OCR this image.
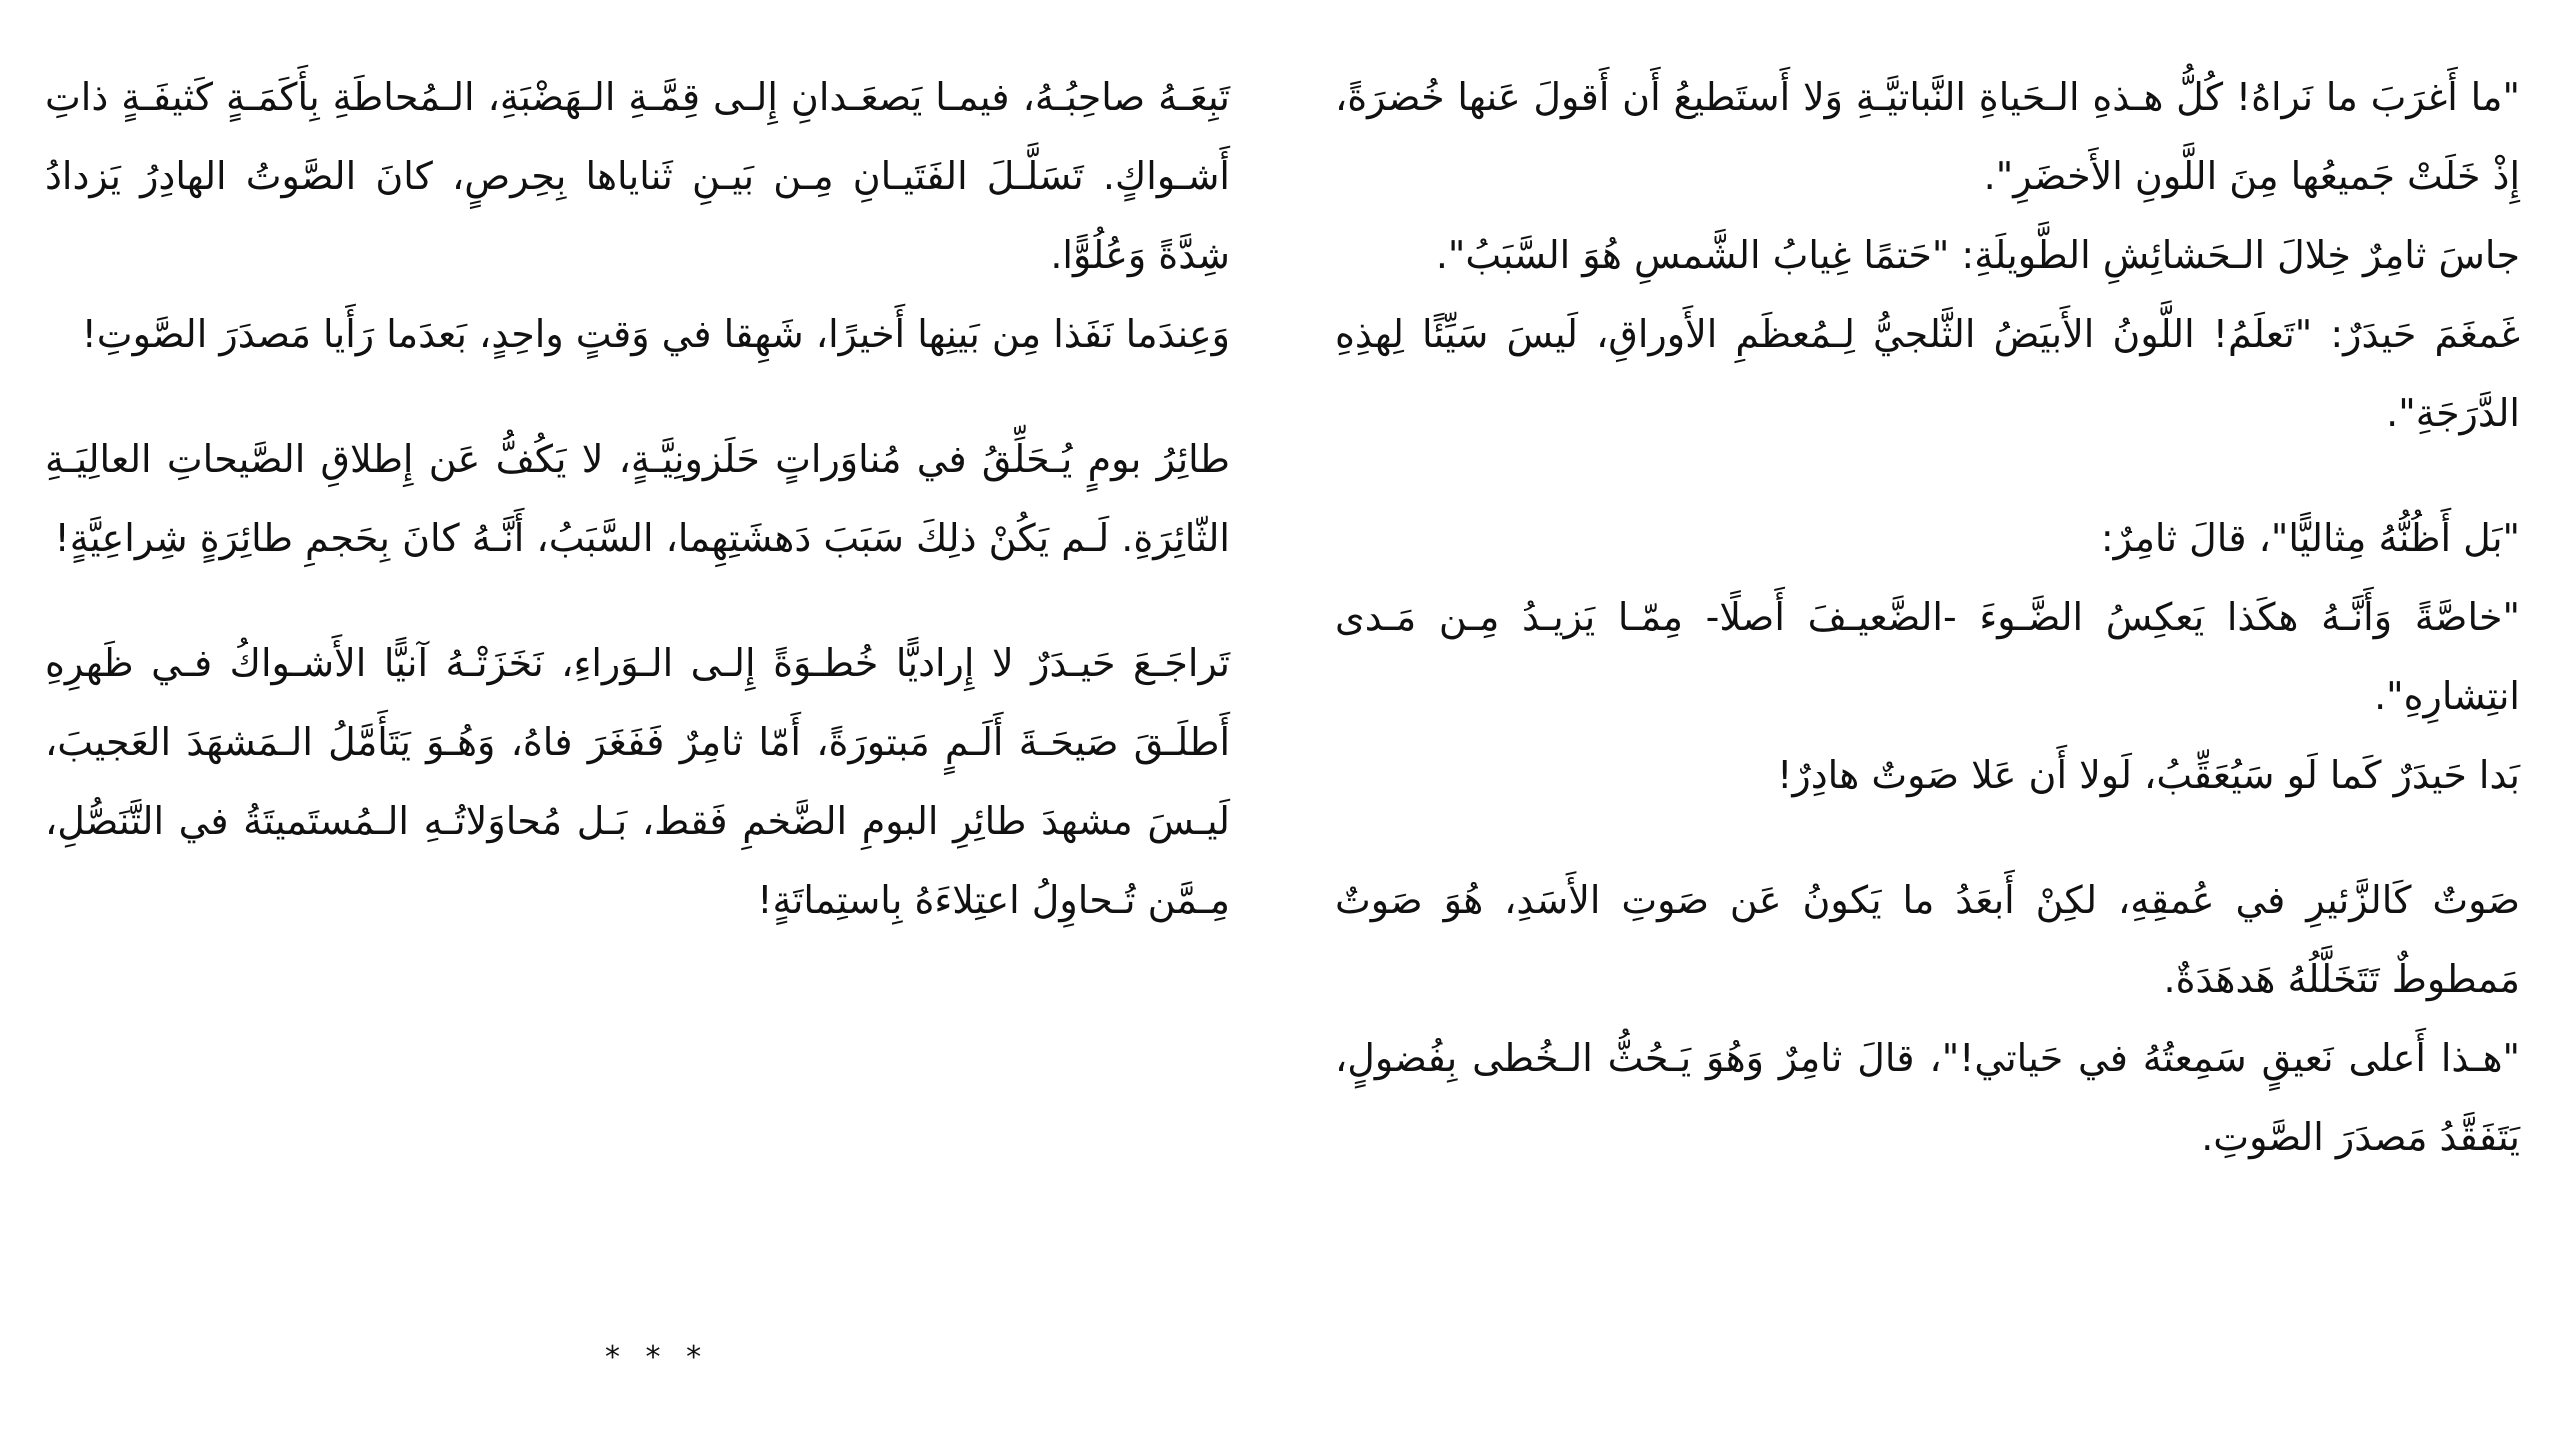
"ما أَغرَبَ ما نَراهُ! كُلُّ هـذهِ الـحَياةِ النَّباتيَّـةِ وَلا أَستَطيعُ أَن أَقولَ عَنها خُضرَةً، إِذْ خَلَتْ جَميعُها مِنَ اللَّونِ الأَخضَرِ".

جاسَ ثامِرٌ خِلالَ الـحَشائِشِ الطَّويلَةِ: "حَتمًا غِيابُ الشَّمسِ هُوَ السَّبَبُ".

غَمغَمَ حَيدَرٌ: "تَعلَمُ! اللَّونُ الأَبيَضُ الثَّلجيُّ لِـمُعظَمِ الأَوراقِ، لَيسَ سَيِّئًا لِهذِهِ الدَّرَجَةِ".

"بَل أَظُنُّهُ مِثاليًّا"، قالَ ثامِرٌ:

"خاصَّةً وَأَنَّـهُ هكَذا يَعكِسُ الضَّـوءَ -الضَّعيـفَ أَصلًا- مِمّـا يَزيـدُ مِـن مَـدى انتِشارِهِ".

بَدا حَيدَرٌ كَما لَو سَيُعَقِّبُ، لَولا أَن عَلا صَوتٌ هادِرٌ!

صَوتٌ كَالزَّئيرِ في عُمقِهِ، لكِنْ أَبعَدُ ما يَكونُ عَن صَوتِ الأَسَدِ، هُوَ صَوتٌ مَمطوطٌ تَتَخَلَّلُهُ هَدهَدَةٌ.

"هـذا أَعلى نَعيقٍ سَمِعتُهُ في حَياتي!"، قالَ ثامِرٌ وَهُوَ يَـحُثُّ الـخُطى بِفُضولٍ، يَتَفَقَّدُ مَصدَرَ الصَّوتِ.

تَبِعَـهُ صاحِبُـهُ، فيمـا يَصعَـدانِ إِلـى قِمَّـةِ الـهَضْبَةِ، الـمُحاطَةِ بِأَكَمَـةٍ كَثيفَـةٍ ذاتِ أَشـواكٍ. تَسَلَّـلَ الفَتَيـانِ مِـن بَيـنِ ثَناياها بِحِرصٍ، كانَ الصَّوتُ الهادِرُ يَزدادُ شِدَّةً وَعُلُوًّا.

وَعِندَما نَفَذا مِن بَينِها أَخيرًا، شَهِقا في وَقتٍ واحِدٍ، بَعدَما رَأَيا مَصدَرَ الصَّوتِ!

طائِرُ بومٍ يُـحَلِّقُ في مُناوَراتٍ حَلَزونِيَّـةٍ، لا يَكُفُّ عَن إِطلاقِ الصَّيحاتِ العالِيَـةِ الثّائِرَةِ. لَـم يَكُنْ ذلِكَ سَبَبَ دَهشَتِهِما، السَّبَبُ، أَنَّـهُ كانَ بِحَجمِ طائِرَةٍ شِراعِيَّةٍ!

تَراجَـعَ حَيـدَرٌ لا إِراديًّا خُطـوَةً إِلـى الـوَراءِ، نَخَزَتْـهُ آنيًّا الأَشـواكُ فـي ظَهرِهِ أَطلَـقَ صَيحَـةَ أَلَـمٍ مَبتورَةً، أَمّا ثامِرٌ فَفَغَرَ فاهُ، وَهُـوَ يَتَأَمَّلُ الـمَشهَدَ العَجيبَ، لَيـسَ مشهدَ طائِرِ البومِ الضَّخمِ فَقط، بَـل مُحاوَلاتُـهِ الـمُستَميتَةُ في التَّنَصُّلِ، مِـمَّن تُـحاوِلُ اعتِلاءَهُ بِاستِماتَةٍ!

* * *
